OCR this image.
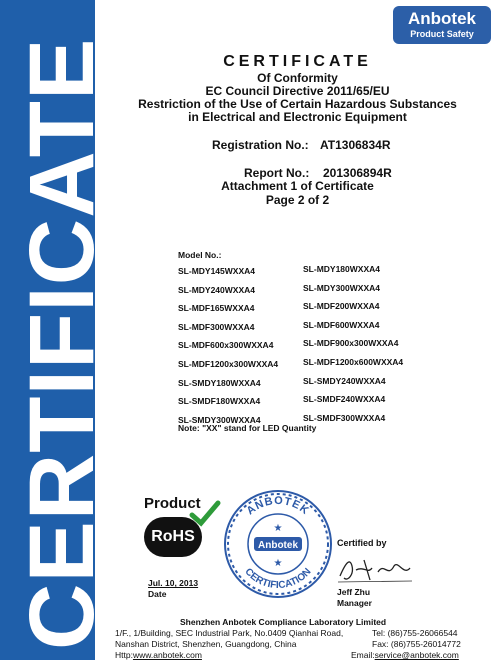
CERTIFICATE
Anbotek
Product Safety
CERTIFICATE
Of Conformity
EC Council Directive 2011/65/EU
Restriction of the Use of Certain Hazardous Substances
in Electrical and Electronic Equipment
Registration No.: AT1306834R
Report No.: 201306894R
Attachment 1 of Certificate
Page 2 of 2
Model No.:
SL-MDY145WXXA4
SL-MDY240WXXA4
SL-MDF165WXXA4
SL-MDF300WXXA4
SL-MDF600x300WXXA4
SL-MDF1200x300WXXA4
SL-SMDY180WXXA4
SL-SMDF180WXXA4
SL-SMDY300WXXA4
SL-MDY180WXXA4
SL-MDY300WXXA4
SL-MDF200WXXA4
SL-MDF600WXXA4
SL-MDF900x300WXXA4
SL-MDF1200x600WXXA4
SL-SMDY240WXXA4
SL-SMDF240WXXA4
SL-SMDF300WXXA4
Note: "XX" stand for LED Quantity
Product
RoHS
Jul. 10, 2013
Date
ANBOTEK
CERTIFICATION
Anbotek
★
★
Certified by
Jeff Zhu
Manager
Shenzhen Anbotek Compliance Laboratory Limited
1/F., 1/Building, SEC Industrial Park, No.0409 Qianhai Road,
Nanshan District, Shenzhen, Guangdong, China
Http:www.anbotek.com
Tel: (86)755-26066544
Fax: (86)755-26014772
Email:service@anbotek.com
